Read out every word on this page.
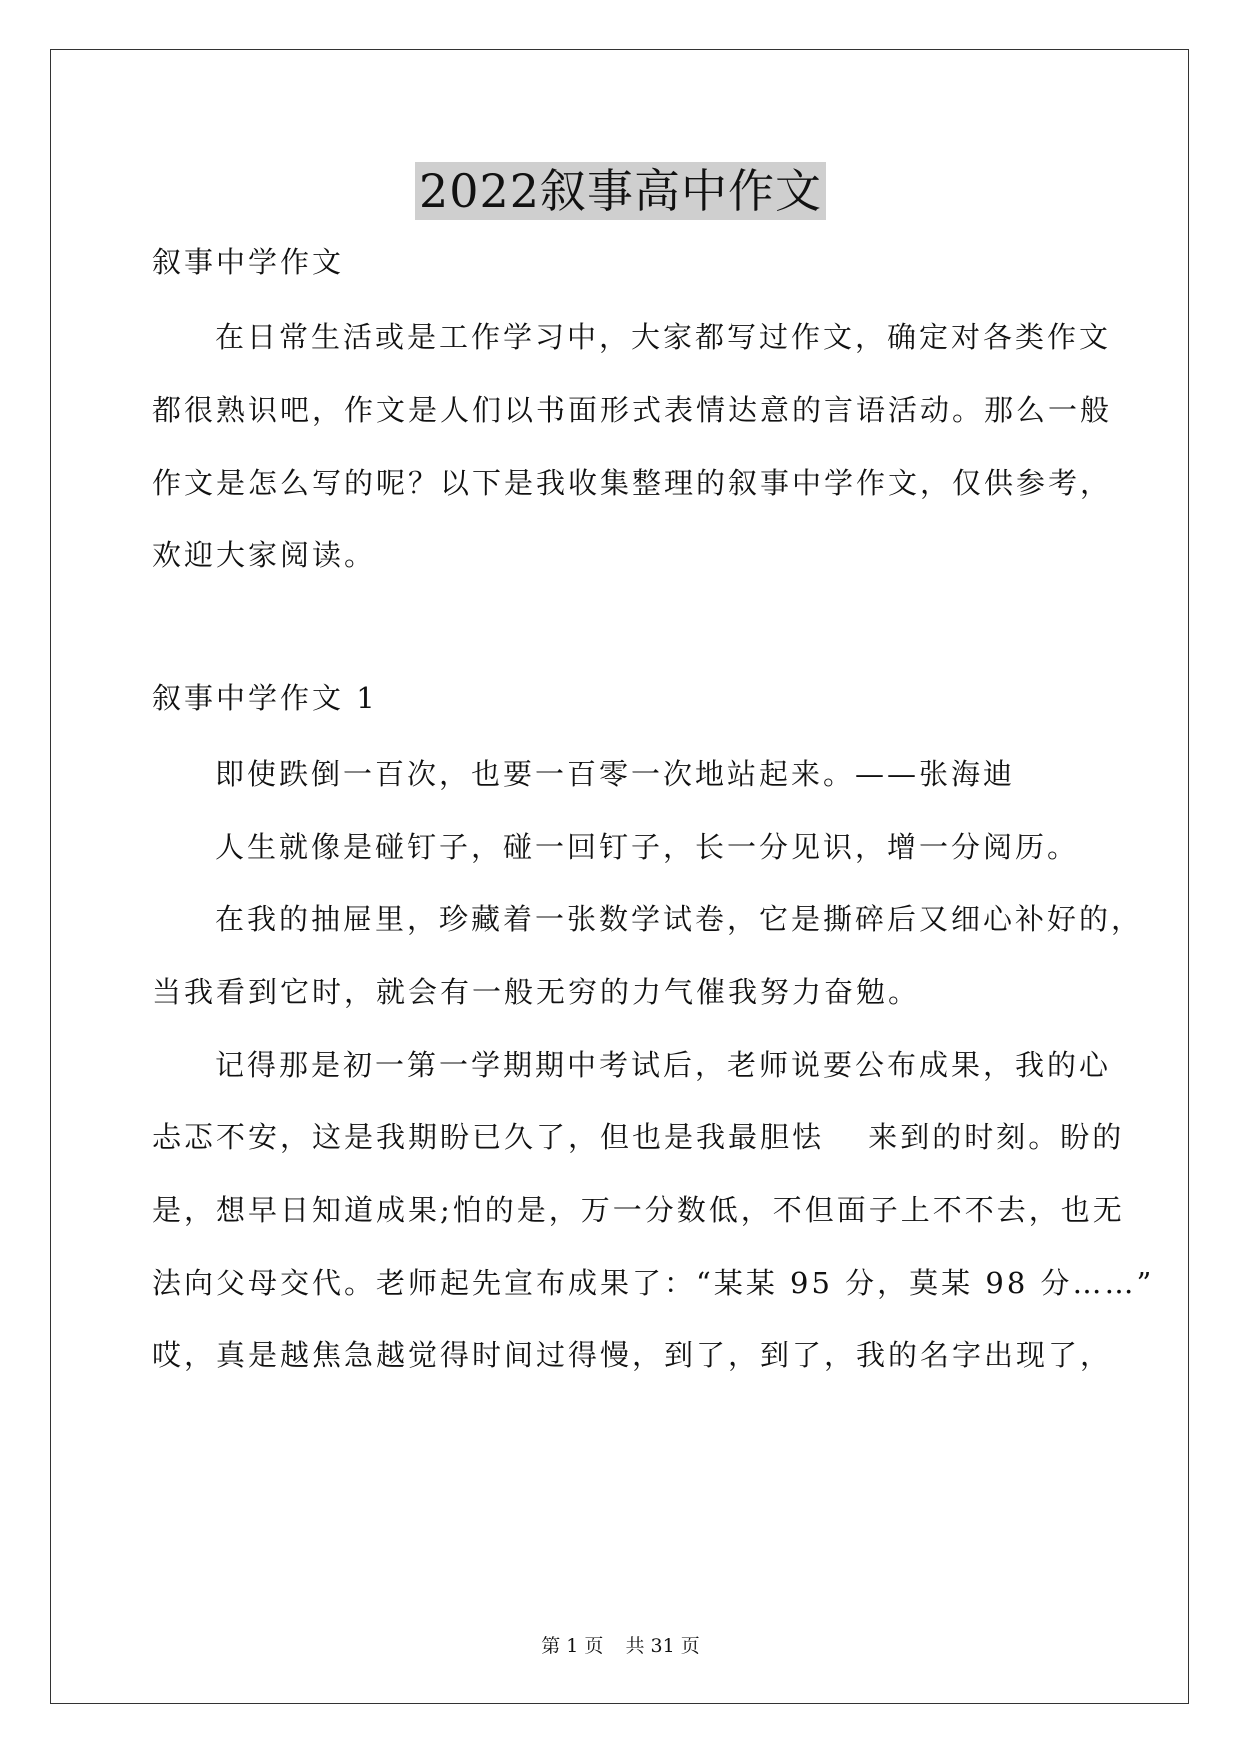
2022叙事高中作文
叙事中学作文
在日常生活或是工作学习中，大家都写过作文，确定对各类作文
都很熟识吧，作文是人们以书面形式表情达意的言语活动。那么一般
作文是怎么写的呢？以下是我收集整理的叙事中学作文，仅供参考，
欢迎大家阅读。
叙事中学作文 1
即使跌倒一百次，也要一百零一次地站起来。——张海迪
人生就像是碰钉子，碰一回钉子，长一分见识，增一分阅历。
在我的抽屉里，珍藏着一张数学试卷，它是撕碎后又细心补好的，
当我看到它时，就会有一般无穷的力气催我努力奋勉。
记得那是初一第一学期期中考试后，老师说要公布成果，我的心
忐忑不安，这是我期盼已久了，但也是我最胆怯　 来到的时刻。盼的
是，想早日知道成果;怕的是，万一分数低，不但面子上不不去，也无
法向父母交代。老师起先宣布成果了：“某某 95 分，莫某 98 分……”
哎，真是越焦急越觉得时间过得慢，到了，到了，我的名字出现了，
第 1 页 共 31 页
